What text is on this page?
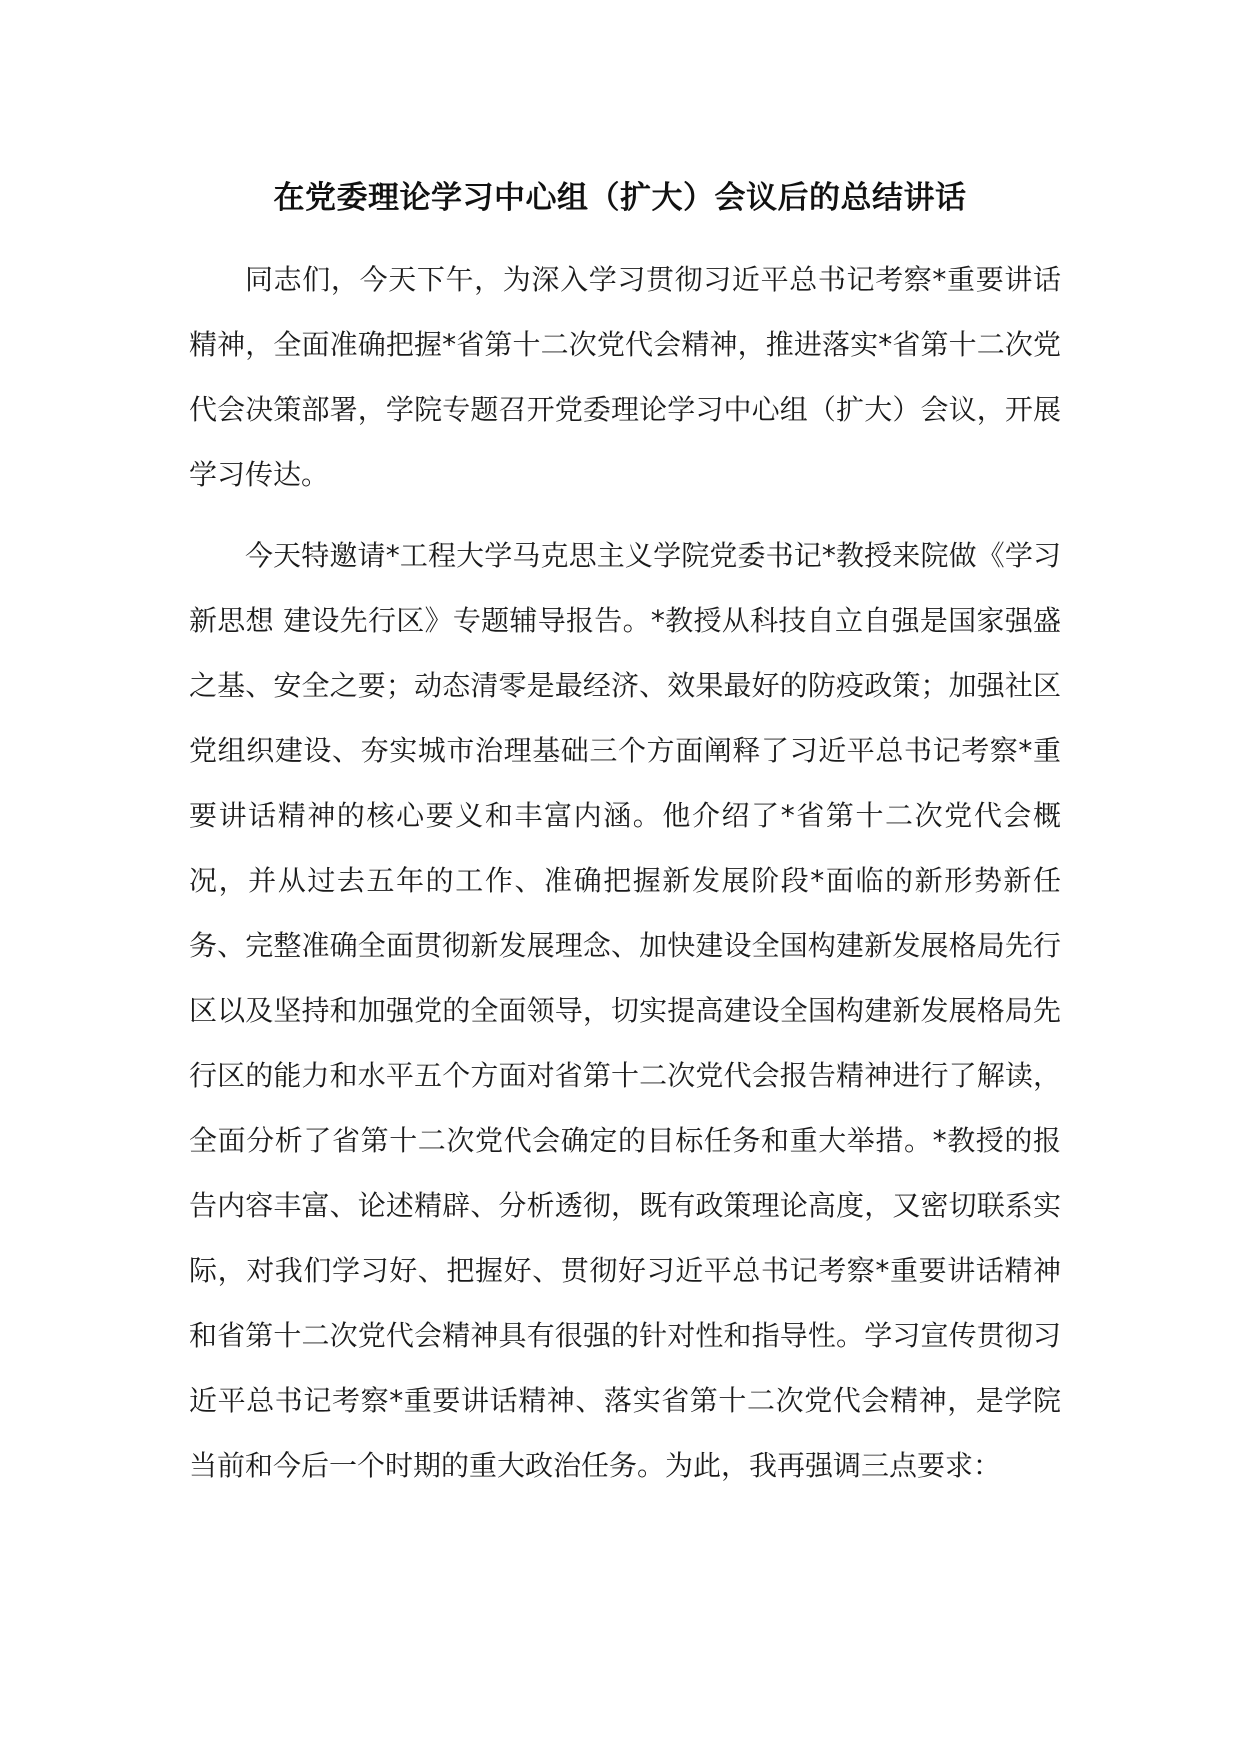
在党委理论学习中心组（扩大）会议后的总结讲话

同志们，今天下午，为深入学习贯彻习近平总书记考察*重要讲话精神，全面准确把握*省第十二次党代会精神，推进落实*省第十二次党代会决策部署，学院专题召开党委理论学习中心组（扩大）会议，开展学习传达。

今天特邀请*工程大学马克思主义学院党委书记*教授来院做《学习新思想 建设先行区》专题辅导报告。*教授从科技自立自强是国家强盛之基、安全之要；动态清零是最经济、效果最好的防疫政策；加强社区党组织建设、夯实城市治理基础三个方面阐释了习近平总书记考察*重要讲话精神的核心要义和丰富内涵。他介绍了*省第十二次党代会概况，并从过去五年的工作、准确把握新发展阶段*面临的新形势新任务、完整准确全面贯彻新发展理念、加快建设全国构建新发展格局先行区以及坚持和加强党的全面领导，切实提高建设全国构建新发展格局先行区的能力和水平五个方面对省第十二次党代会报告精神进行了解读，全面分析了省第十二次党代会确定的目标任务和重大举措。*教授的报告内容丰富、论述精辟、分析透彻，既有政策理论高度，又密切联系实际，对我们学习好、把握好、贯彻好习近平总书记考察*重要讲话精神和省第十二次党代会精神具有很强的针对性和指导性。学习宣传贯彻习近平总书记考察*重要讲话精神、落实省第十二次党代会精神，是学院当前和今后一个时期的重大政治任务。为此，我再强调三点要求：
